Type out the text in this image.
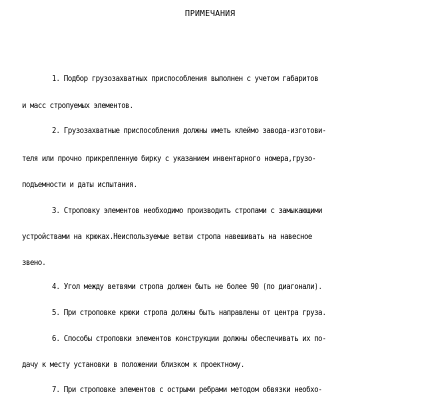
ПРИМЕЧАНИЯ
1. Подбор грузозахватных приспособления выполнен с учетом габаритов
и масс стропуемых элементов.
2. Грузозахватные приспособления должны иметь клеймо завода-изготови-
теля или прочно прикрепленную бирку с указанием инвентарного номера,грузо-
подъемности и даты испытания.
3. Строповку элементов необходимо производить стропами с замыкающими
устройствами на крюках.Неиспользуемые ветви стропа навешивать на навесное
звено.
4. Угол между ветвями стропа должен быть не более 90 (по диагонали).
5. При строповке крюки стропа должны быть направлены от центра груза.
6. Способы строповки элементов конструкции должны обеспечивать их по-
дачу к месту установки в положении близком к проектному.
7. При строповке элементов с острыми ребрами методом обвязки необхо-
